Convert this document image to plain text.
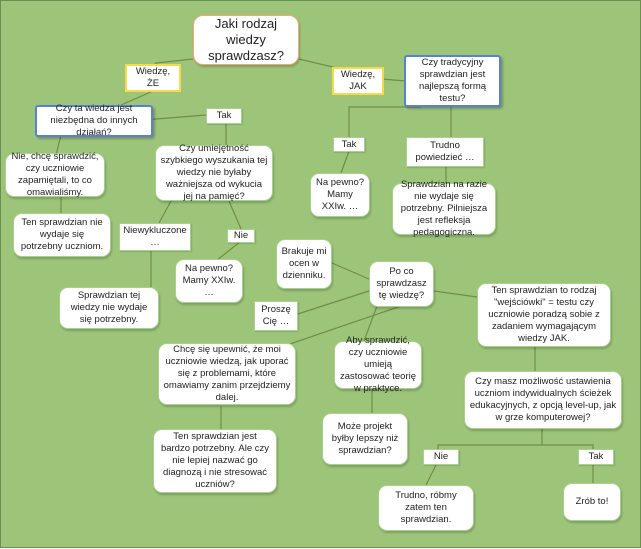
Jaki rodzaj wiedzy sprawdzasz?
Wiedzę, ŻE
Wiedzę, JAK
Czy ta wiedza jest niezbędna do innych działań?
Czy tradycyjny sprawdzian jest najlepszą formą testu?
Nie, chcę sprawdzić, czy uczniowie zapamiętali, to co omawialiśmy.
Ten sprawdzian nie wydaje się potrzebny uczniom.
Tak
Czy umiejętność szybkiego wyszukania tej wiedzy nie byłaby ważniejsza od wykucia jej na pamięć?
Niewykluczone …
Nie
Sprawdzian tej wiedzy nie wydaje się potrzebny.
Na pewno? Mamy XXIw. …
Tak	Trudno powiedzieć …
Na pewno? Mamy XXIw. …
Sprawdzian na razie nie wydaje się potrzebny. Pilniejsza jest refleksja pedagogiczna.
Brakuje mi ocen w dzienniku.
Proszę Cię …
Po co sprawdzasz tę wiedzę?	Ten sprawdzian to rodzaj "wejściówki" = testu czy uczniowie poradzą sobie z zadaniem wymagającym wiedzy JAK.
Chcę się upewnić, że moi uczniowie wiedzą, jak uporać się z problemami, które omawiamy zanim przejdziemy dalej.
Aby sprawdzić, czy uczniowie umieją zastosować teorię w praktyce.
Czy masz możliwość ustawienia uczniom indywidualnych ścieżek edukacyjnych, z opcją level-up, jak w grze komputerowej?
Ten sprawdzian jest bardzo potrzebny. Ale czy nie lepiej nazwać go diagnozą i nie stresować uczniów?
Może projekt byłby lepszy niż sprawdzian?
Nie	Tak
Trudno, róbmy zatem ten sprawdzian.
Zrób to!
